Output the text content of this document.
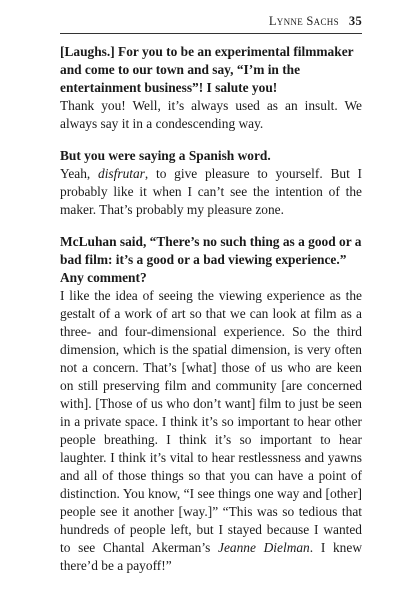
Lynne Sachs 35

[Laughs.] For you to be an experimental filmmaker and come to our town and say, “I’m in the entertainment business”! I salute you!

Thank you! Well, it’s always used as an insult. We always say it in a condescending way.

But you were saying a Spanish word.

Yeah, disfrutar, to give pleasure to yourself. But I probably like it when I can’t see the intention of the maker. That’s probably my pleasure zone.

McLuhan said, “There’s no such thing as a good or a bad film: it’s a good or a bad viewing experience.” Any comment?

I like the idea of seeing the viewing experience as the gestalt of a work of art so that we can look at film as a three- and four-dimensional experience. So the third dimension, which is the spatial dimension, is very often not a concern. That’s [what] those of us who are keen on still preserving film and community [are concerned with]. [Those of us who don’t want] film to just be seen in a private space. I think it’s so important to hear other people breathing. I think it’s so important to hear laughter. I think it’s vital to hear restlessness and yawns and all of those things so that you can have a point of distinction. You know, “I see things one way and [other] people see it another [way.]” “This was so tedious that hundreds of people left, but I stayed because I wanted to see Chantal Akerman’s Jeanne Dielman. I knew there’d be a payoff!”
